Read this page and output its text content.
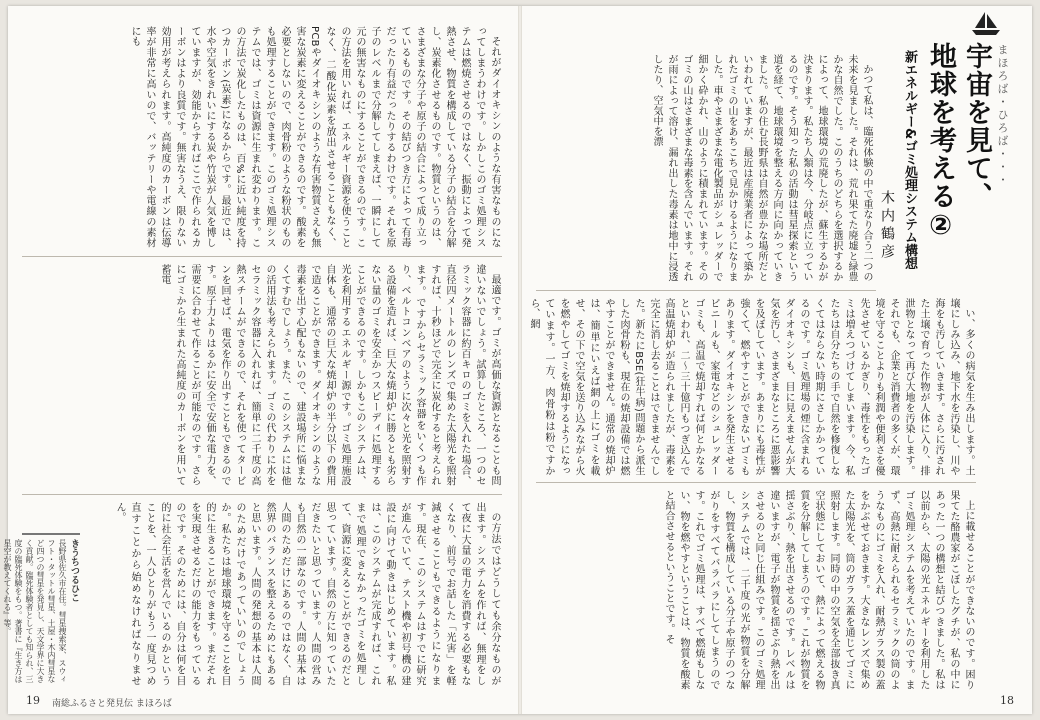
まほろば・ひろば・・・
宇宙を見て、
地球を考える②
新エネルギー&ゴミ処理システム構想
木内鶴彦

かつて私は、臨死体験の中で重なり合う二つの未来を見ました。それは、荒れ果てた廃墟と緑豊かな自然でした。このうちのどちらを選択するかによって、地球環境の荒廃したが、蘇生するかが決まります。私たち人類は今、分岐点に立っているのです。そう知った私の活動は彗星探索という道を経て、地球環境を整える方向に向かっていきました。私の住む長野県は自然が豊かな場所だといわれていますが、最近は産廃業者によって築かれたゴミの山をあちこちで見かけるようになりました。車やさまざまな電化製品がシュレッダーで細かく砕かれ、山のように積まれています。そのゴミの山はさまざまな毒素を含んでいます。それが雨によって溶け、漏れ出した毒素は地中に浸透したり、空気中を漂

い、多くの病気を生み出します。土壌にしみ込み、地下水を汚染し、川や海をも汚していきます。さらに汚された土壌で育った作物が人体に入り、排泄物となって再び大地を汚染します。それでも、企業と消費者の多くが、環境を守ることよりも利潤や便利さを優先させているかぎり、毒性をもったゴミは増えつづけてしまいます。今、私たちは自分たちの手で自然を修復しなくてはならない時期にさしかかっているのです。ゴミ処理場の煙に含まれるダイオキシンも、目に見えませんが大気を汚し、さまざまなところに悪影響を及ぼしています。あまりにも毒性が強くて、燃やすことができないゴミもあります。ダイオキシンを発生させるビニールも、家電などのシュレッダーゴミも、高温で焼却すれば何とかなるといわれ、二〜三十億円もつぎ込んで高温焼却炉が造られましたが、毒素を完全に消し去ることはできませんでした。新たにBSE(狂牛病)問題から派生した肉骨粉も、現在の焼却設備では燃やすことができません。通常の焼却炉は、簡単にいえば網の上にゴミを載せ、その下で空気を送り込みながら火を燃やしてゴミを焼却するようになっています。一方、肉骨粉は粉ですから、網

上に載せることができないのです。困り果てた酪農家がこぼしたグチが、私の中にあった一つの構想と結びつきました。私は以前から、太陽の光エネルギーを利用したゴミ処理システムを考えていたのです。まず、高熱に耐えられるセラミックの筒のようなものにゴミを入れ、耐熱ガラス製の蓋をかぶせておきます。大きなレンズで集めた太陽光を、筒のガラス蓋を通じてゴミに照射します。同時の中の空気を全部抜き真空状態にしておいて、熱によって燃える物質を分解してしまうのです。これが物質を揺さぶり、熱を出させるのです。レベルは違いますが、電子が物質を揺さぶり熱を出させるのと同じ仕組みです。このゴミ処理システムでは、二千度の光が物質を分解し、物質を構成している分子や原子のつながりをすべてバラバラにしてしまうのです。これでゴミ処理は、すべて燃焼もしない、物を燃やすということは、物質を酸素と結合させるということです。そ

18

それがダイオキシンのような有害なものになってしまうわけです。しかしこのゴミ処理システムは燃焼させるのではなく、振動によって発熱させ、物質を構成している分子の結合を分解し、炭素化させるものです。物質というのは、さまざまな分子や原子の結合によって成り立っているものです。その結びつき方によって有毒だったり有益だったりするわけです。それを原子のレベルまで分解してしまえば、一瞬にして元の無害なものにすることができるのです。この方法を用いれば、エネルギー資源を使うことなく、二酸化炭素を放出させることもなく、PCBやダイオキシンのような有害物質さえも無害な炭素に変えることができるのです。酸素を必要としないので、肉骨粉のような粉状のものも処理することができます。このゴミ処理システムでは、ゴミは資源に生まれ変わります。この方法で炭化したものは、百%に近い純度を持つカーボン(炭素)になるからです。最近では、水や空気をきれいにする炭や竹炭が人気を博していますが、効能からすればここで作られるカーボンはより良質です。無害なうえ、限りない効用が考えられます。高純度のカーボンは伝導率が非常に高いので、バッテリーや電線の素材にも

最適です。ゴミが高価な資源となることも問違いないでしょう。試算したところ、一つのセラミック容器に約百キロのゴミを入れた場合、直径四メートルのレンズで集めた太陽光を照射すれば、十秒ほどで完全に炭化すると考えられます。ですからセラミック容器をいくつも作り、ベルトコンベアのように次々と光を照射する設備を造れば、巨大な焼却炉に勝るとも劣らない量のゴミを安全かつスピーディに処理することができるのです。しかもこのシステムは、光を利用するエネルギー源です。ゴミ処理施設自体も、通常の巨大な焼却炉の半分以下の費用で造ることができます。ダイオキシンのような毒素を出す心配もないので、建設場所に悩まなくてすむでしょう。また、このシステムには他の活用法も考えられます。ゴミの代わりに水をセラミック容器に入れれば、簡単に二千度の高熱スチームができるので、それを使ってタービンを回せば、電気を作り出すこともできるのです。原子力よりはるかに安全で安価な電力を、需要に合わせて作ることが可能なのです。さらにゴミから生まれた高純度のカーボンを用いて蓄電

の方法ではどうしても余分なものが出ます。システムを作れば、無理をして夜に大量の電力を消費する必要もなくなり、前号でお話した「光害」を軽減させることもできるようになります。現在、このシステムはすでに研究が進んでいて、テスト機や初号機の建設に向けて動きはじめています。私は、このシステムが完成すれば、これまで処理できなかったゴミを処理して、資源に変えることができるのだと思っています。自然の方に知っていただきたいと思っています。人間の営みも自然の一部なのです。人間の基本は人間のためだけにあるのではなく、自然界のバランスを整えるためにもあると思います。人間の発想の基本は人間のためだけであっていいのでしょうか。私たちは地球環境を守ることを目的に生きることができます。まだそれを実現させるだけの能力をもっているのです。そのためには、自分は何を目的に社会生活を営んでいるのかということを、一人ひとりがもう一度見つめ直すことから始めなければなりません。

きうちつるひこ
長野県佐久市在住。彗星捜索家、スウィフト・タットル彗星、土屋・木内彗星など四つの彗星を発見し、天文学界に大きく貢献。臨死体験者としても知られ、三度の臨死体験をもつ。著書に『生き方は星空が教えてくれる』等。
19 南総ふるさと発見伝 まほろば
